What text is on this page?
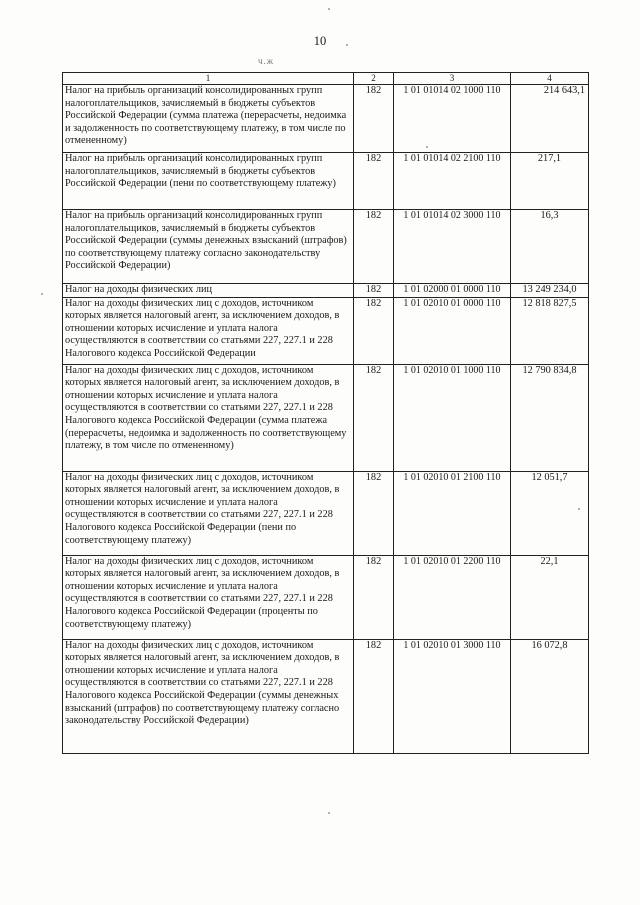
10
ч.ж
1	2	3	4
Налог на прибыль организаций консолидированных групп налогоплательщиков, зачисляемый в бюджеты субъектов Российской Федерации (сумма платежа (перерасчеты, недоимка и задолженность по соответствующему платежу, в том числе по отмененному)	182	1 01 01014 02 1000 110	214 643,1
Налог на прибыль организаций консолидированных групп налогоплательщиков, зачисляемый в бюджеты субъектов Российской Федерации (пени по соответствующему платежу)	182	1 01 01014 02 2100 110	217,1
Налог на прибыль организаций консолидированных групп налогоплательщиков, зачисляемый в бюджеты субъектов Российской Федерации (суммы денежных взысканий (штрафов) по соответствующему платежу согласно законодательству Российской Федерации)	182	1 01 01014 02 3000 110	16,3
Налог на доходы физических лиц	182	1 01 02000 01 0000 110	13 249 234,0
Налог на доходы физических лиц с доходов, источником которых является налоговый агент, за исключением доходов, в отношении которых исчисление и уплата налога осуществляются в соответствии со статьями 227, 227.1 и 228 Налогового кодекса Российской Федерации	182	1 01 02010 01 0000 110	12 818 827,5
Налог на доходы физических лиц с доходов, источником которых является налоговый агент, за исключением доходов, в отношении которых исчисление и уплата налога осуществляются в соответствии со статьями 227, 227.1 и 228 Налогового кодекса Российской Федерации (сумма платежа (перерасчеты, недоимка и задолженность по соответствующему платежу, в том числе по отмененному)	182	1 01 02010 01 1000 110	12 790 834,8
Налог на доходы физических лиц с доходов, источником которых является налоговый агент, за исключением доходов, в отношении которых исчисление и уплата налога осуществляются в соответствии со статьями 227, 227.1 и 228 Налогового кодекса Российской Федерации (пени по соответствующему платежу)	182	1 01 02010 01 2100 110	12 051,7
Налог на доходы физических лиц с доходов, источником которых является налоговый агент, за исключением доходов, в отношении которых исчисление и уплата налога осуществляются в соответствии со статьями 227, 227.1 и 228 Налогового кодекса Российской Федерации (проценты по соответствующему платежу)	182	1 01 02010 01 2200 110	22,1
Налог на доходы физических лиц с доходов, источником которых является налоговый агент, за исключением доходов, в отношении которых исчисление и уплата налога осуществляются в соответствии со статьями 227, 227.1 и 228 Налогового кодекса Российской Федерации (суммы денежных взысканий (штрафов) по соответствующему платежу согласно законодательству Российской Федерации)	182	1 01 02010 01 3000 110	16 072,8
